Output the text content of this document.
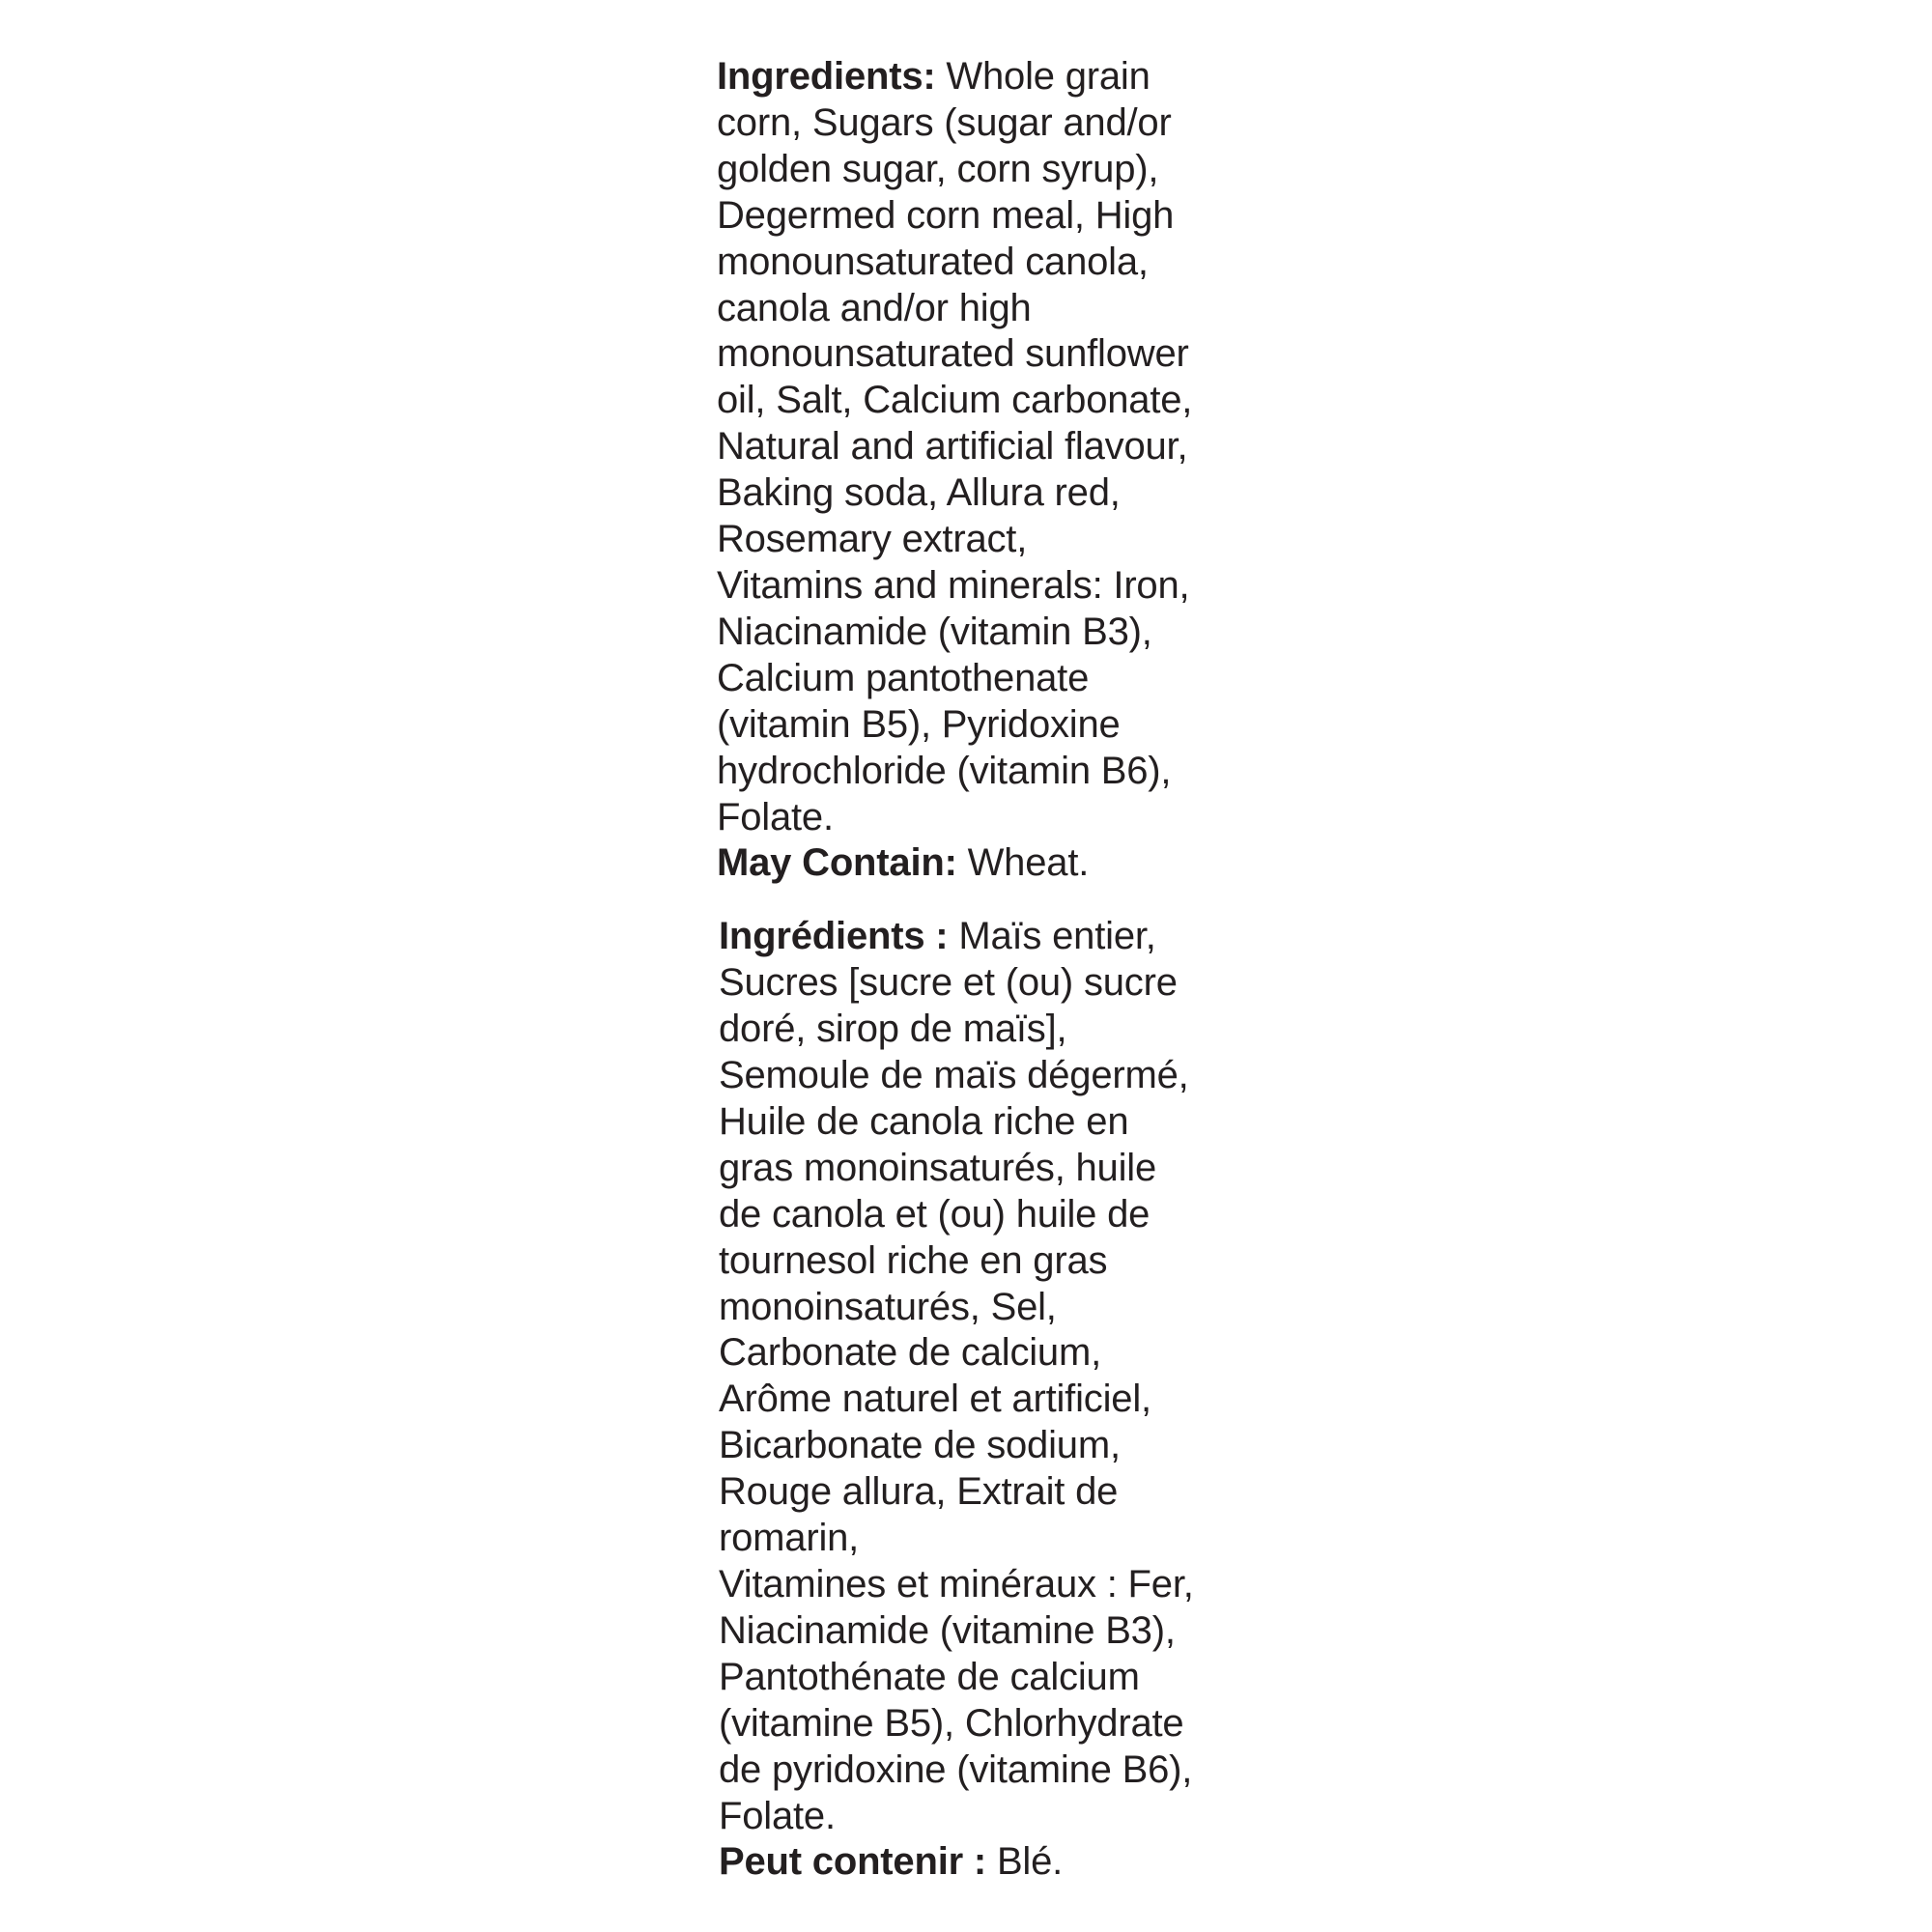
Ingredients: Whole grain
corn, Sugars (sugar and/or
golden sugar, corn syrup),
Degermed corn meal, High
monounsaturated canola,
canola and/or high
monounsaturated sunflower
oil, Salt, Calcium carbonate,
Natural and artificial flavour,
Baking soda, Allura red,
Rosemary extract,
Vitamins and minerals: Iron,
Niacinamide (vitamin B3),
Calcium pantothenate
(vitamin B5), Pyridoxine
hydrochloride (vitamin B6),
Folate.
May Contain: Wheat.
Ingrédients : Maïs entier,
Sucres [sucre et (ou) sucre
doré, sirop de maïs],
Semoule de maïs dégermé,
Huile de canola riche en
gras monoinsaturés, huile
de canola et (ou) huile de
tournesol riche en gras
monoinsaturés, Sel,
Carbonate de calcium,
Arôme naturel et artificiel,
Bicarbonate de sodium,
Rouge allura, Extrait de
romarin,
Vitamines et minéraux : Fer,
Niacinamide (vitamine B3),
Pantothénate de calcium
(vitamine B5), Chlorhydrate
de pyridoxine (vitamine B6),
Folate.
Peut contenir : Blé.
